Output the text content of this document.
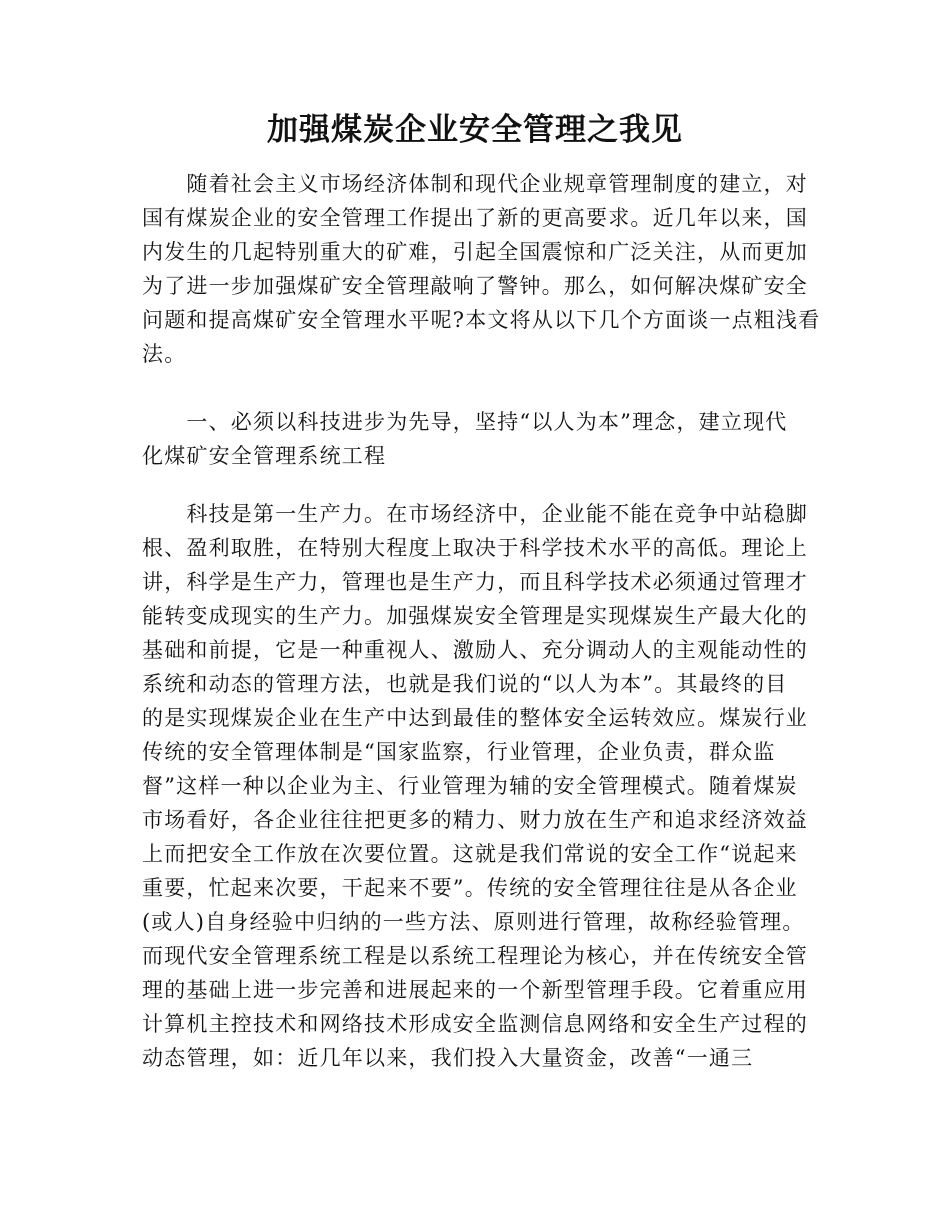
加强煤炭企业安全管理之我见
　　随着社会主义市场经济体制和现代企业规章管理制度的建立，对
国有煤炭企业的安全管理工作提出了新的更高要求。近几年以来，国
内发生的几起特别重大的矿难，引起全国震惊和广泛关注，从而更加
为了进一步加强煤矿安全管理敲响了警钟。那么，如何解决煤矿安全
问题和提高煤矿安全管理水平呢?本文将从以下几个方面谈一点粗浅看
法。
　　一、必须以科技进步为先导，坚持“以人为本”理念，建立现代
化煤矿安全管理系统工程
　　科技是第一生产力。在市场经济中，企业能不能在竞争中站稳脚
根、盈利取胜，在特别大程度上取决于科学技术水平的高低。理论上
讲，科学是生产力，管理也是生产力，而且科学技术必须通过管理才
能转变成现实的生产力。加强煤炭安全管理是实现煤炭生产最大化的
基础和前提，它是一种重视人、激励人、充分调动人的主观能动性的
系统和动态的管理方法，也就是我们说的“以人为本”。其最终的目
的是实现煤炭企业在生产中达到最佳的整体安全运转效应。煤炭行业
传统的安全管理体制是“国家监察，行业管理，企业负责，群众监
督”这样一种以企业为主、行业管理为辅的安全管理模式。随着煤炭
市场看好，各企业往往把更多的精力、财力放在生产和追求经济效益
上而把安全工作放在次要位置。这就是我们常说的安全工作“说起来
重要，忙起来次要，干起来不要”。传统的安全管理往往是从各企业
(或人)自身经验中归纳的一些方法、原则进行管理，故称经验管理。
而现代安全管理系统工程是以系统工程理论为核心，并在传统安全管
理的基础上进一步完善和进展起来的一个新型管理手段。它着重应用
计算机主控技术和网络技术形成安全监测信息网络和安全生产过程的
动态管理，如：近几年以来，我们投入大量资金，改善“一通三
